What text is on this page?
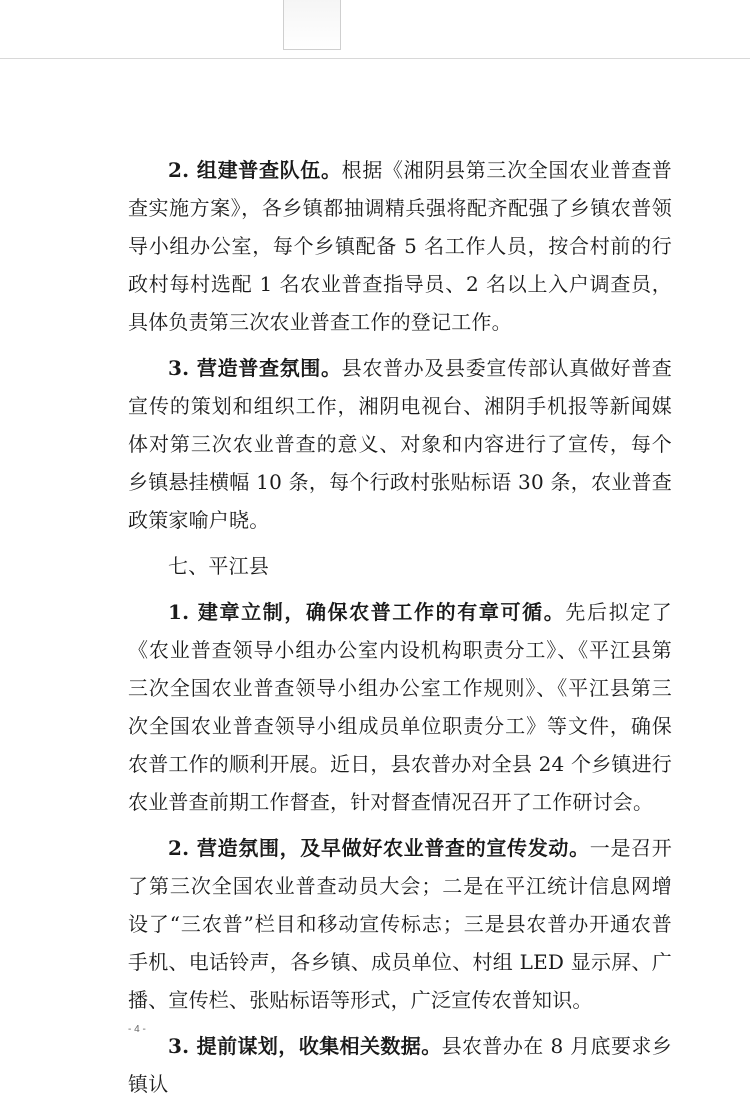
2. 组建普查队伍。根据《湘阴县第三次全国农业普查普查实施方案》，各乡镇都抽调精兵强将配齐配强了乡镇农普领导小组办公室，每个乡镇配备 5 名工作人员，按合村前的行政村每村选配 1 名农业普查指导员、2 名以上入户调查员，具体负责第三次农业普查工作的登记工作。

3. 营造普查氛围。县农普办及县委宣传部认真做好普查宣传的策划和组织工作，湘阴电视台、湘阴手机报等新闻媒体对第三次农业普查的意义、对象和内容进行了宣传，每个乡镇悬挂横幅 10 条，每个行政村张贴标语 30 条，农业普查政策家喻户晓。

七、平江县

1. 建章立制，确保农普工作的有章可循。先后拟定了《农业普查领导小组办公室内设机构职责分工》、《平江县第三次全国农业普查领导小组办公室工作规则》、《平江县第三次全国农业普查领导小组成员单位职责分工》等文件，确保农普工作的顺利开展。近日，县农普办对全县 24 个乡镇进行农业普查前期工作督查，针对督查情况召开了工作研讨会。

2. 营造氛围，及早做好农业普查的宣传发动。一是召开了第三次全国农业普查动员大会；二是在平江统计信息网增设了“三农普”栏目和移动宣传标志；三是县农普办开通农普手机、电话铃声，各乡镇、成员单位、村组 LED 显示屏、广播、宣传栏、张贴标语等形式，广泛宣传农普知识。

3. 提前谋划，收集相关数据。县农普办在 8 月底要求乡镇认

- 4 -
